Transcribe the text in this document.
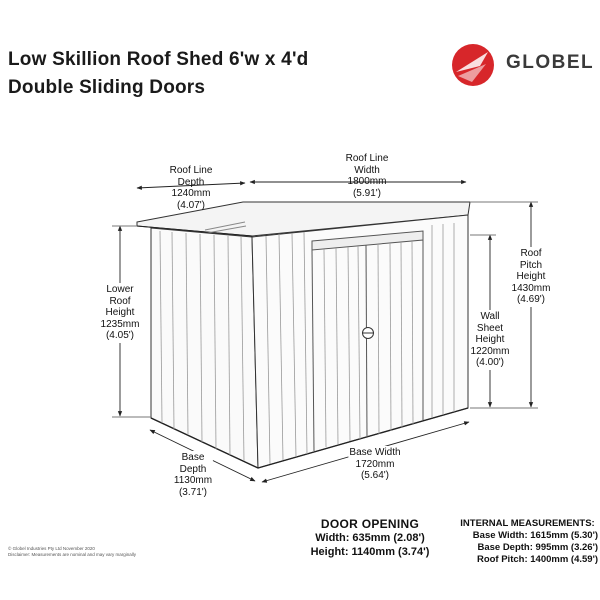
Low Skillion Roof Shed 6'w x 4'd
Double Sliding Doors
GLOBEL
Roof Line
Depth
1240mm
(4.07')
Roof Line
Width
1800mm
(5.91')
Roof
Pitch
Height
1430mm
(4.69')
Wall
Sheet
Height
1220mm
(4.00')
Lower
Roof
Height
1235mm
(4.05')
Base
Depth
1130mm
(3.71')
Base Width
1720mm
(5.64')
DOOR OPENING
Width: 635mm (2.08')
Height: 1140mm (3.74')
INTERNAL MEASUREMENTS:
Base Width: 1615mm (5.30')
Base Depth: 995mm (3.26')
Roof Pitch: 1400mm (4.59')
© Globel Industries Pty Ltd November 2020
Disclaimer: Measurements are nominal and may vary marginally
